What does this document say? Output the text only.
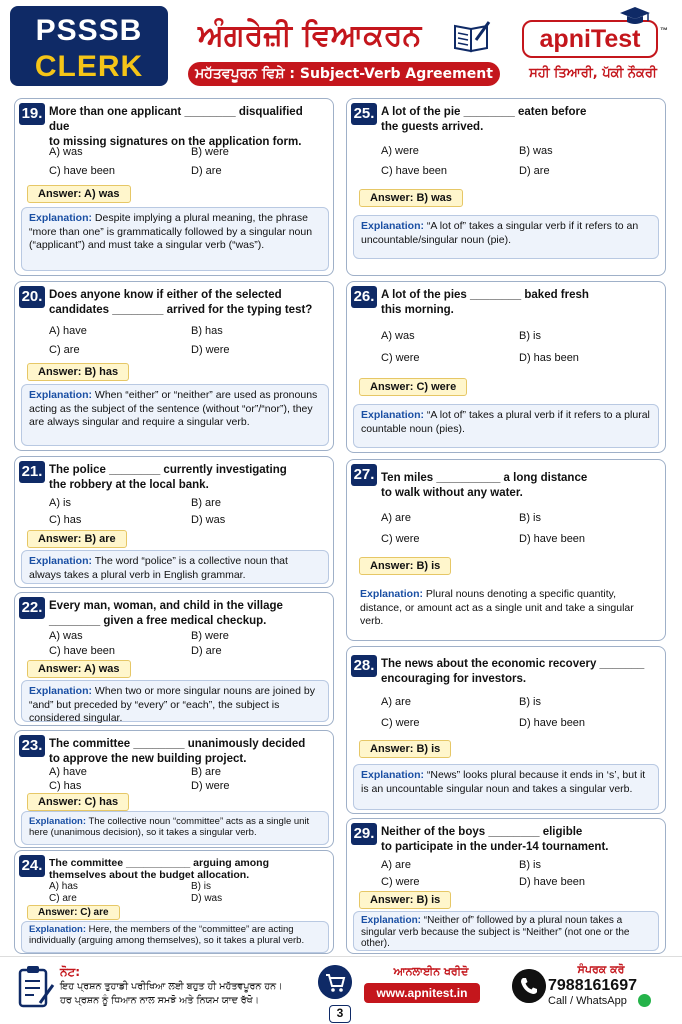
PSSSB
CLERK
ਅੰਗਰੇਜ਼ੀ ਵਿਆਕਰਨ
ਮਹੱਤਵਪੂਰਨ ਵਿਸ਼ੇ : Subject-Verb Agreement
apniTest ™
ਸਹੀ ਤਿਆਰੀ, ਪੱਕੀ ਨੌਕਰੀ
19. More than one applicant ________ disqualified due
to missing signatures on the application form.
A) was	B) were
C) have been	D) are
Answer: A) was
Explanation: Despite implying a plural meaning, the phrase “more than one” is grammatically followed by a singular noun (“applicant”) and must take a singular verb (“was”).
20. Does anyone know if either of the selected
candidates ________ arrived for the typing test?
A) have	B) has
C) are	D) were
Answer: B) has
Explanation: When “either” or “neither” are used as pronouns acting as the subject of the sentence (without “or”/“nor”), they are always singular and require a singular verb.
21. The police ________ currently investigating
the robbery at the local bank.
A) is	B) are
C) has	D) was
Answer: B) are
Explanation: The word “police” is a collective noun that always takes a plural verb in English grammar.
22. Every man, woman, and child in the village
________ given a free medical checkup.
A) was	B) were
C) have been	D) are
Answer: A) was
Explanation: When two or more singular nouns are joined by “and” but preceded by “every” or “each”, the subject is considered singular.
23. The committee ________ unanimously decided
to approve the new building project.
A) have	B) are
C) has	D) were
Answer: C) has
Explanation: The collective noun “committee” acts as a single unit here (unanimous decision), so it takes a singular verb.
24. The committee ___________ arguing among
themselves about the budget allocation.
A) has	B) is
C) are	D) was
Answer: C) are
Explanation: Here, the members of the “committee” are acting individually (arguing among themselves), so it takes a plural verb.
25. A lot of the pie ________ eaten before
the guests arrived.
A) were	B) was
C) have been	D) are
Answer: B) was
Explanation: “A lot of” takes a singular verb if it refers to an uncountable/singular noun (pie).
26. A lot of the pies ________ baked fresh
this morning.
A) was	B) is
C) were	D) has been
Answer: C) were
Explanation: “A lot of” takes a plural verb if it refers to a plural countable noun (pies).
27. Ten miles __________ a long distance
to walk without any water.
A) are	B) is
C) were	D) have been
Answer: B) is
Explanation: Plural nouns denoting a specific quantity, distance, or amount act as a single unit and take a singular verb.
28. The news about the economic recovery _______
encouraging for investors.
A) are	B) is
C) were	D) have been
Answer: B) is
Explanation: “News” looks plural because it ends in ‘s’, but it is an uncountable singular noun and takes a singular verb.
29. Neither of the boys ________ eligible
to participate in the under-14 tournament.
A) are	B) is
C) were	D) have been
Answer: B) is
Explanation: “Neither of” followed by a plural noun takes a singular verb because the subject is “Neither” (not one or the other).
ਨੋਟ:
ਇਹ ਪ੍ਰਸ਼ਨ ਤੁਹਾਡੀ ਪਰੀਖਿਆ ਲਈ ਬਹੁਤ ਹੀ ਮਹੱਤਵਪੂਰਨ ਹਨ।
ਹਰ ਪ੍ਰਸ਼ਨ ਨੂੰ ਧਿਆਨ ਨਾਲ ਸਮਝੋ ਅਤੇ ਨਿਯਮ ਯਾਦ ਰੱਖੋ।
ਆਨਲਾਈਨ ਖਰੀਦੋ
www.apnitest.in
3
ਸੰਪਰਕ ਕਰੋ
7988161697
Call / WhatsApp
